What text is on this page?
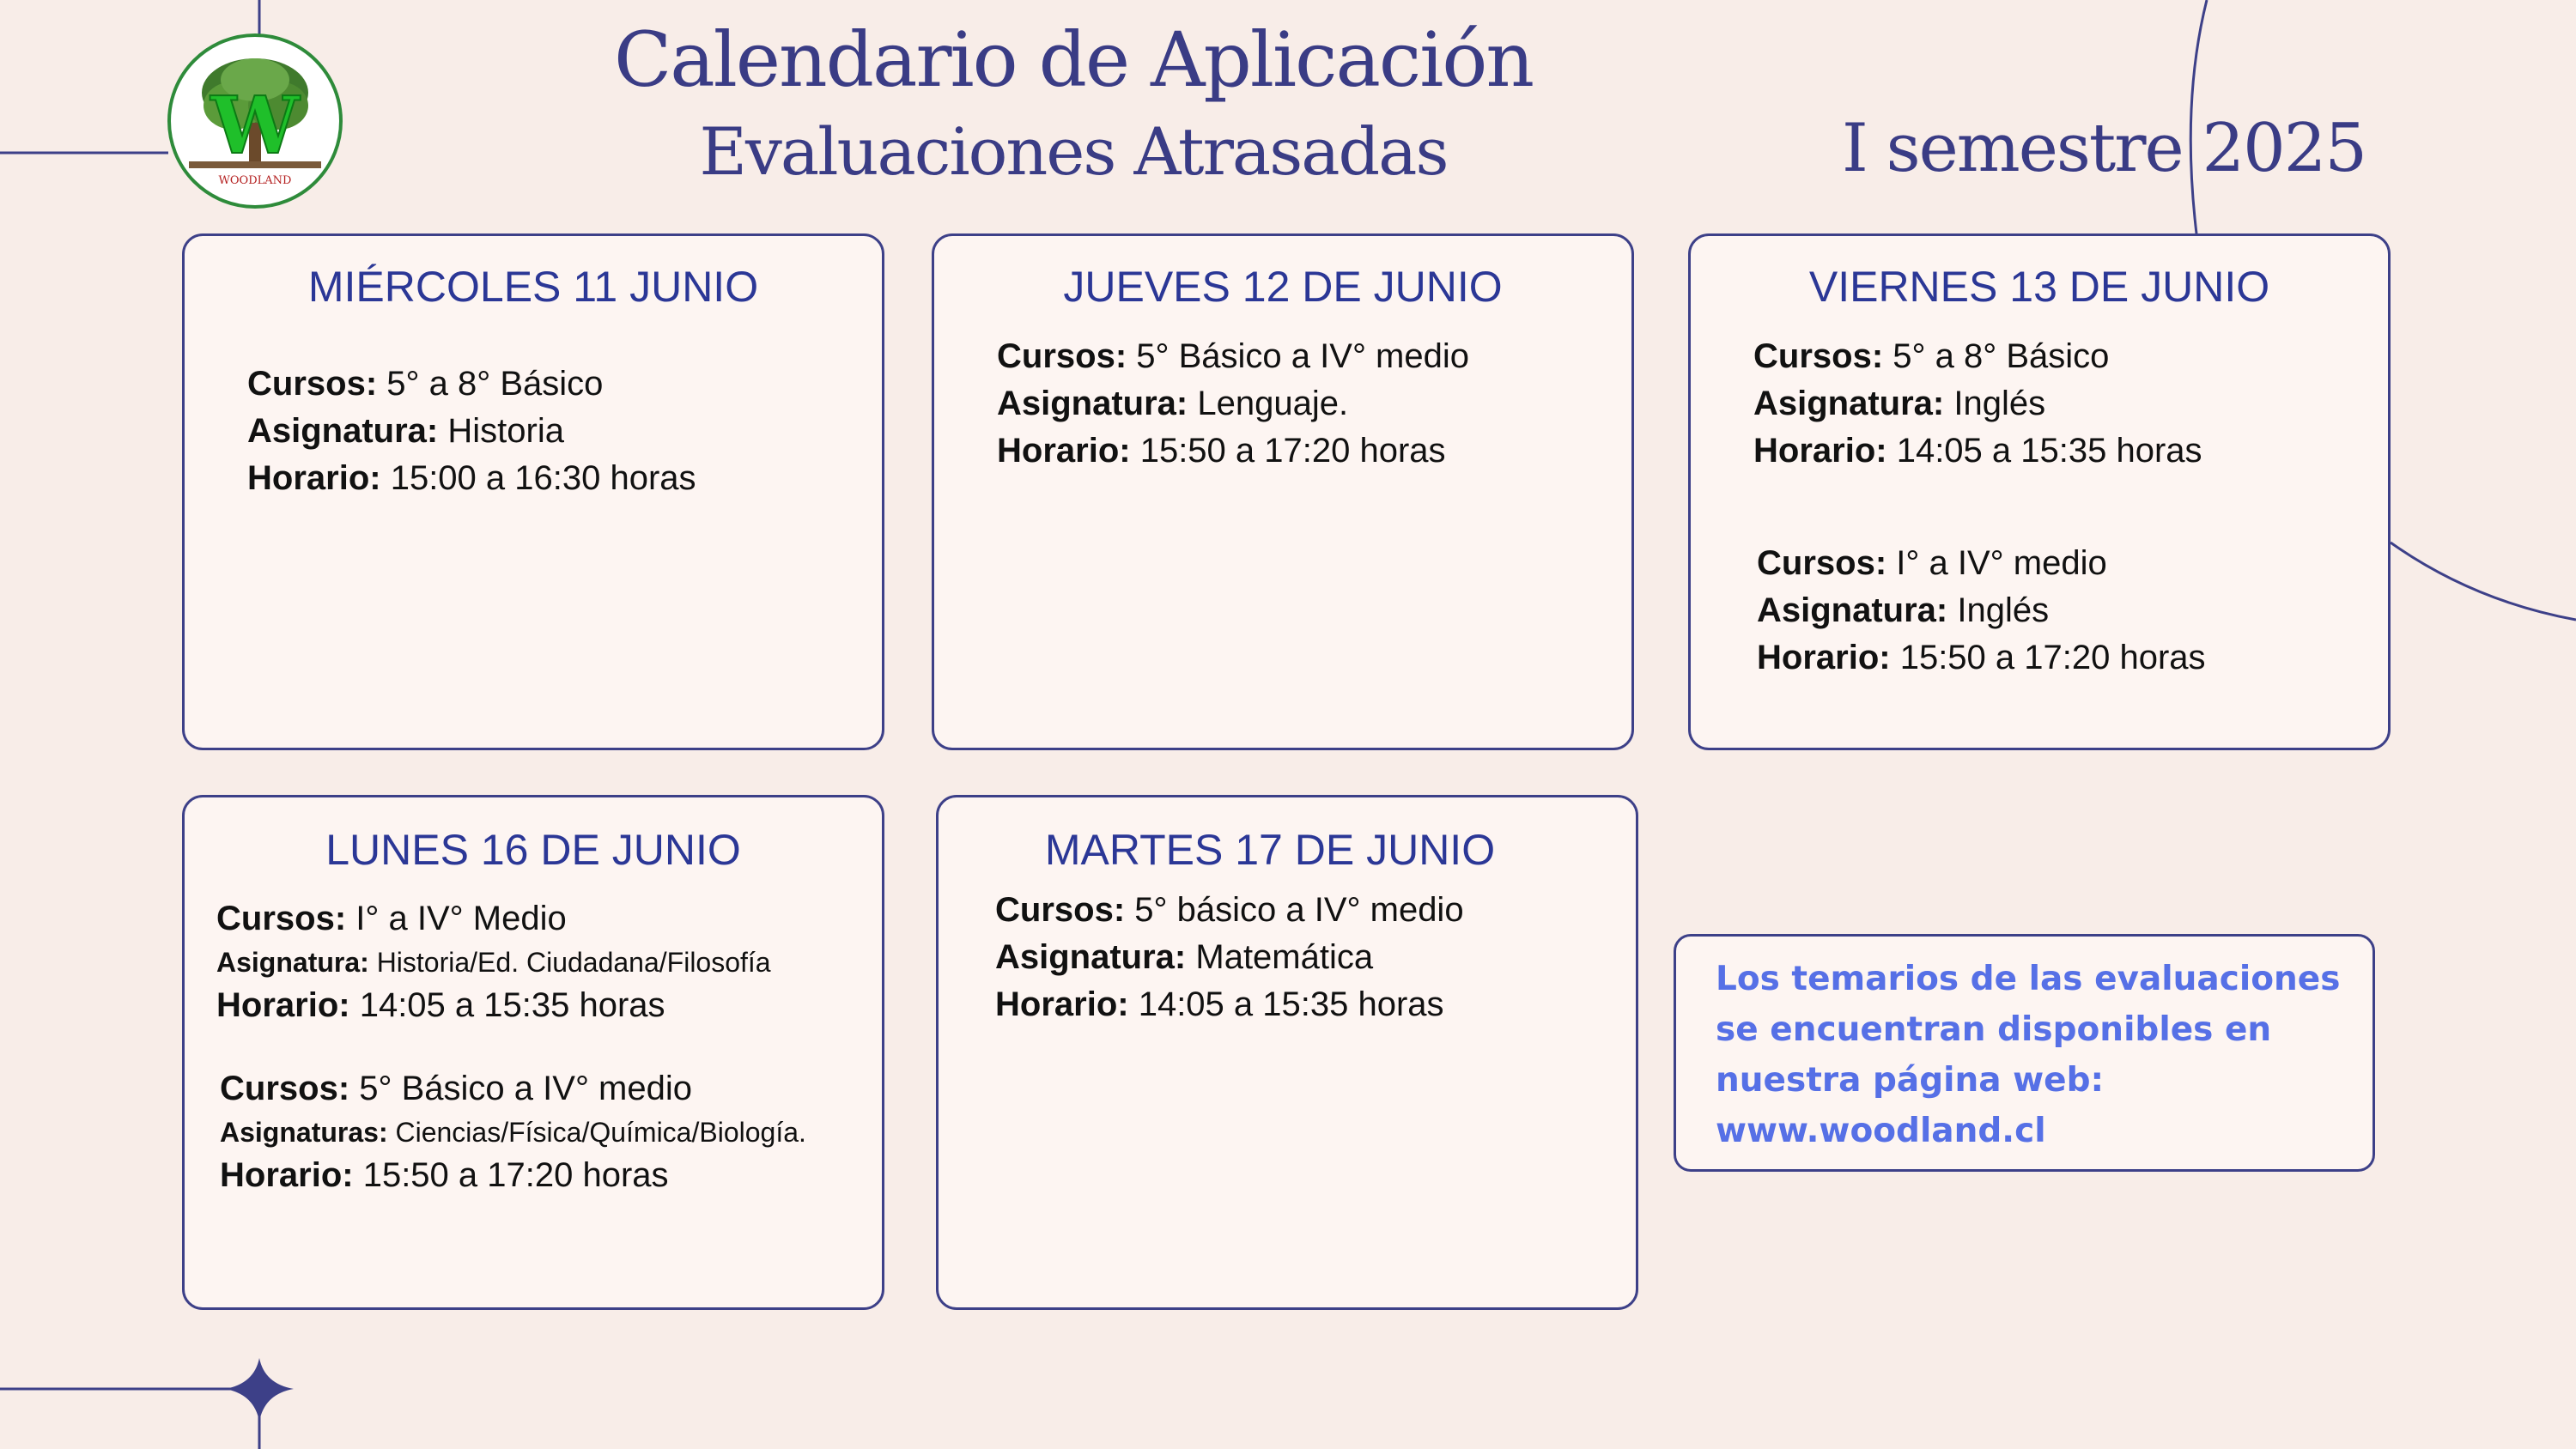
W
WOODLAND
Calendario de Aplicación
Evaluaciones Atrasadas	I semestre 2025
MIÉRCOLES 11 JUNIO
Cursos: 5° a 8° Básico
Asignatura: Historia
Horario: 15:00 a 16:30 horas
JUEVES 12 DE JUNIO
Cursos: 5° Básico a IV° medio
Asignatura: Lenguaje.
Horario: 15:50 a 17:20 horas
VIERNES 13 DE JUNIO
Cursos: 5° a 8° Básico
Asignatura: Inglés
Horario: 14:05 a 15:35 horas
Cursos: I° a IV° medio
Asignatura: Inglés
Horario: 15:50 a 17:20 horas
LUNES 16 DE JUNIO
Cursos: I° a IV° Medio
Asignatura: Historia/Ed. Ciudadana/Filosofía
Horario: 14:05 a 15:35 horas
Cursos: 5° Básico a IV° medio
Asignaturas: Ciencias/Física/Química/Biología.
Horario: 15:50 a 17:20 horas
MARTES 17 DE JUNIO
Cursos: 5° básico a IV° medio
Asignatura: Matemática
Horario: 14:05 a 15:35 horas
Los temarios de las evaluaciones se encuentran disponibles en nuestra página web: www.woodland.cl
